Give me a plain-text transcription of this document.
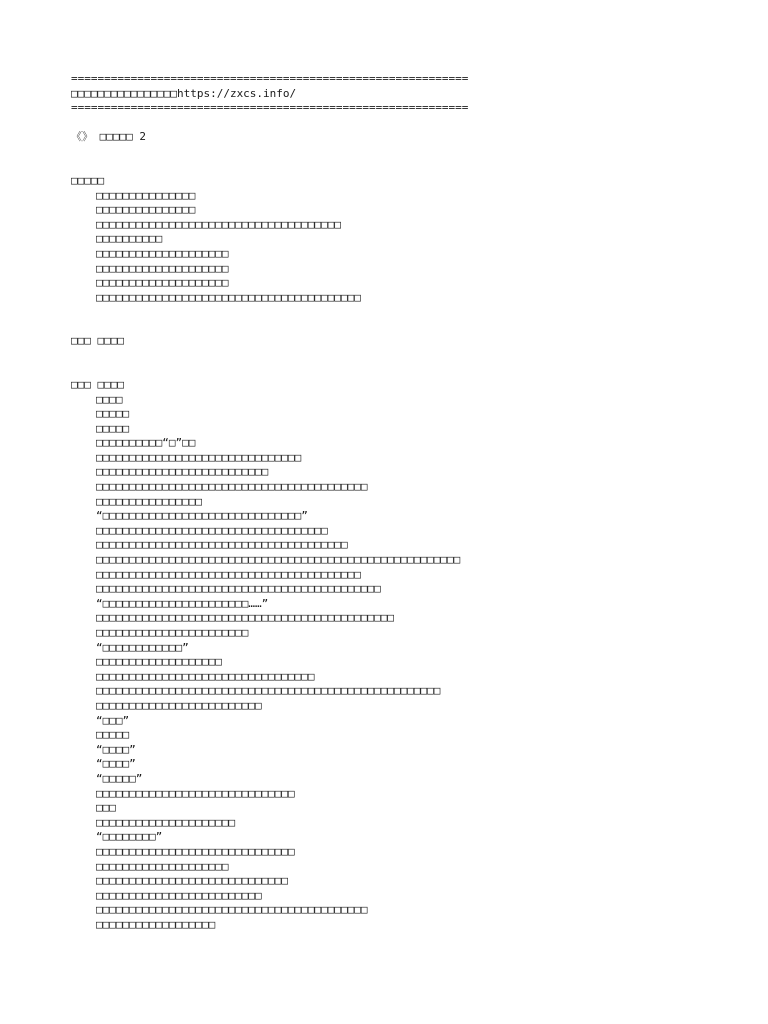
============================================================
□□□□□□□□□□□□□□□□https://zxcs.info/
============================================================
《》 □□□□□ 2
□□□□□
□□□□□□□□□□□□□□□
□□□□□□□□□□□□□□□
□□□□□□□□□□□□□□□□□□□□□□□□□□□□□□□□□□□□□
□□□□□□□□□□
□□□□□□□□□□□□□□□□□□□□
□□□□□□□□□□□□□□□□□□□□
□□□□□□□□□□□□□□□□□□□□
□□□□□□□□□□□□□□□□□□□□□□□□□□□□□□□□□□□□□□□□
□□□ □□□□
□□□ □□□□
□□□□
□□□□□
□□□□□
□□□□□□□□□□“□”□□
□□□□□□□□□□□□□□□□□□□□□□□□□□□□□□□
□□□□□□□□□□□□□□□□□□□□□□□□□□
□□□□□□□□□□□□□□□□□□□□□□□□□□□□□□□□□□□□□□□□□
□□□□□□□□□□□□□□□□
“□□□□□□□□□□□□□□□□□□□□□□□□□□□□□□”
□□□□□□□□□□□□□□□□□□□□□□□□□□□□□□□□□□□
□□□□□□□□□□□□□□□□□□□□□□□□□□□□□□□□□□□□□□
□□□□□□□□□□□□□□□□□□□□□□□□□□□□□□□□□□□□□□□□□□□□□□□□□□□□□□□
□□□□□□□□□□□□□□□□□□□□□□□□□□□□□□□□□□□□□□□□
□□□□□□□□□□□□□□□□□□□□□□□□□□□□□□□□□□□□□□□□□□□
“□□□□□□□□□□□□□□□□□□□□□□……”
□□□□□□□□□□□□□□□□□□□□□□□□□□□□□□□□□□□□□□□□□□□□□
□□□□□□□□□□□□□□□□□□□□□□□
“□□□□□□□□□□□□”
□□□□□□□□□□□□□□□□□□□
□□□□□□□□□□□□□□□□□□□□□□□□□□□□□□□□□
□□□□□□□□□□□□□□□□□□□□□□□□□□□□□□□□□□□□□□□□□□□□□□□□□□□□
□□□□□□□□□□□□□□□□□□□□□□□□□
“□□□”
□□□□□
“□□□□”
“□□□□”
“□□□□□”
□□□□□□□□□□□□□□□□□□□□□□□□□□□□□□
□□□
□□□□□□□□□□□□□□□□□□□□□
“□□□□□□□□”
□□□□□□□□□□□□□□□□□□□□□□□□□□□□□□
□□□□□□□□□□□□□□□□□□□□
□□□□□□□□□□□□□□□□□□□□□□□□□□□□□
□□□□□□□□□□□□□□□□□□□□□□□□□
□□□□□□□□□□□□□□□□□□□□□□□□□□□□□□□□□□□□□□□□□
□□□□□□□□□□□□□□□□□□
